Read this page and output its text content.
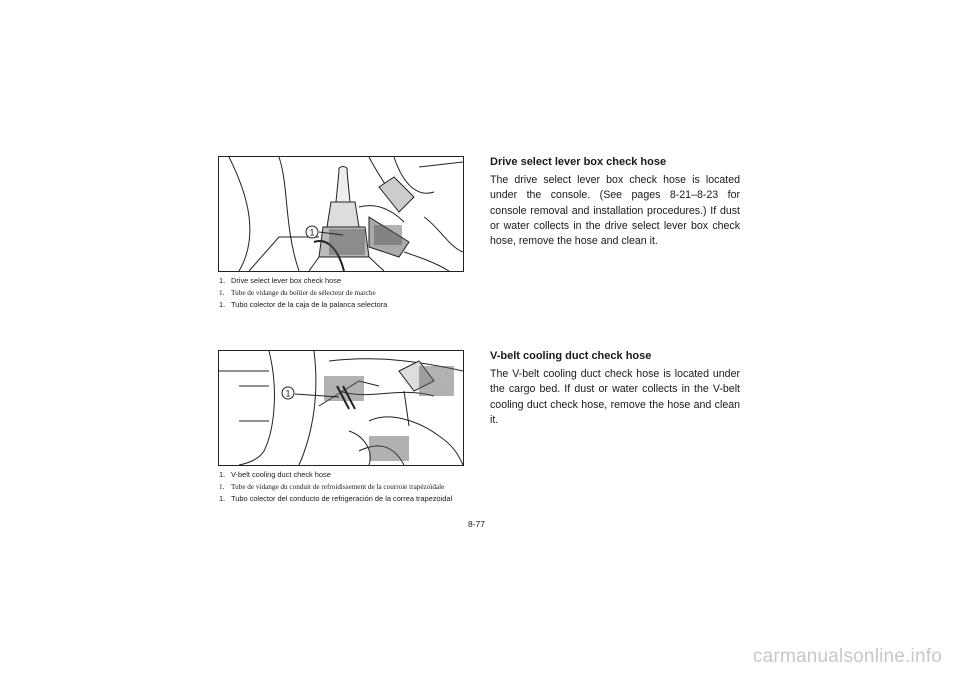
1
1. Drive select lever box check hose
1. Tube de vidange du boîtier de sélecteur de marche
1. Tubo colector de la caja de la palanca selectora
1
1. V-belt cooling duct check hose
1. Tube de vidange du conduit de refroidissement de la courroie trapézoïdale
1. Tubo colector del conducto de refrigeración de la correa trapezoidal
8-77
Drive select lever box check hose

The drive select lever box check hose is located under the console. (See pages 8-21–8-23 for console removal and installation procedures.) If dust or water collects in the drive select lever box check hose, remove the hose and clean it.

V-belt cooling duct check hose

The V-belt cooling duct check hose is located under the cargo bed. If dust or water collects in the V-belt cooling duct check hose, remove the hose and clean it.

carmanualsonline.info
